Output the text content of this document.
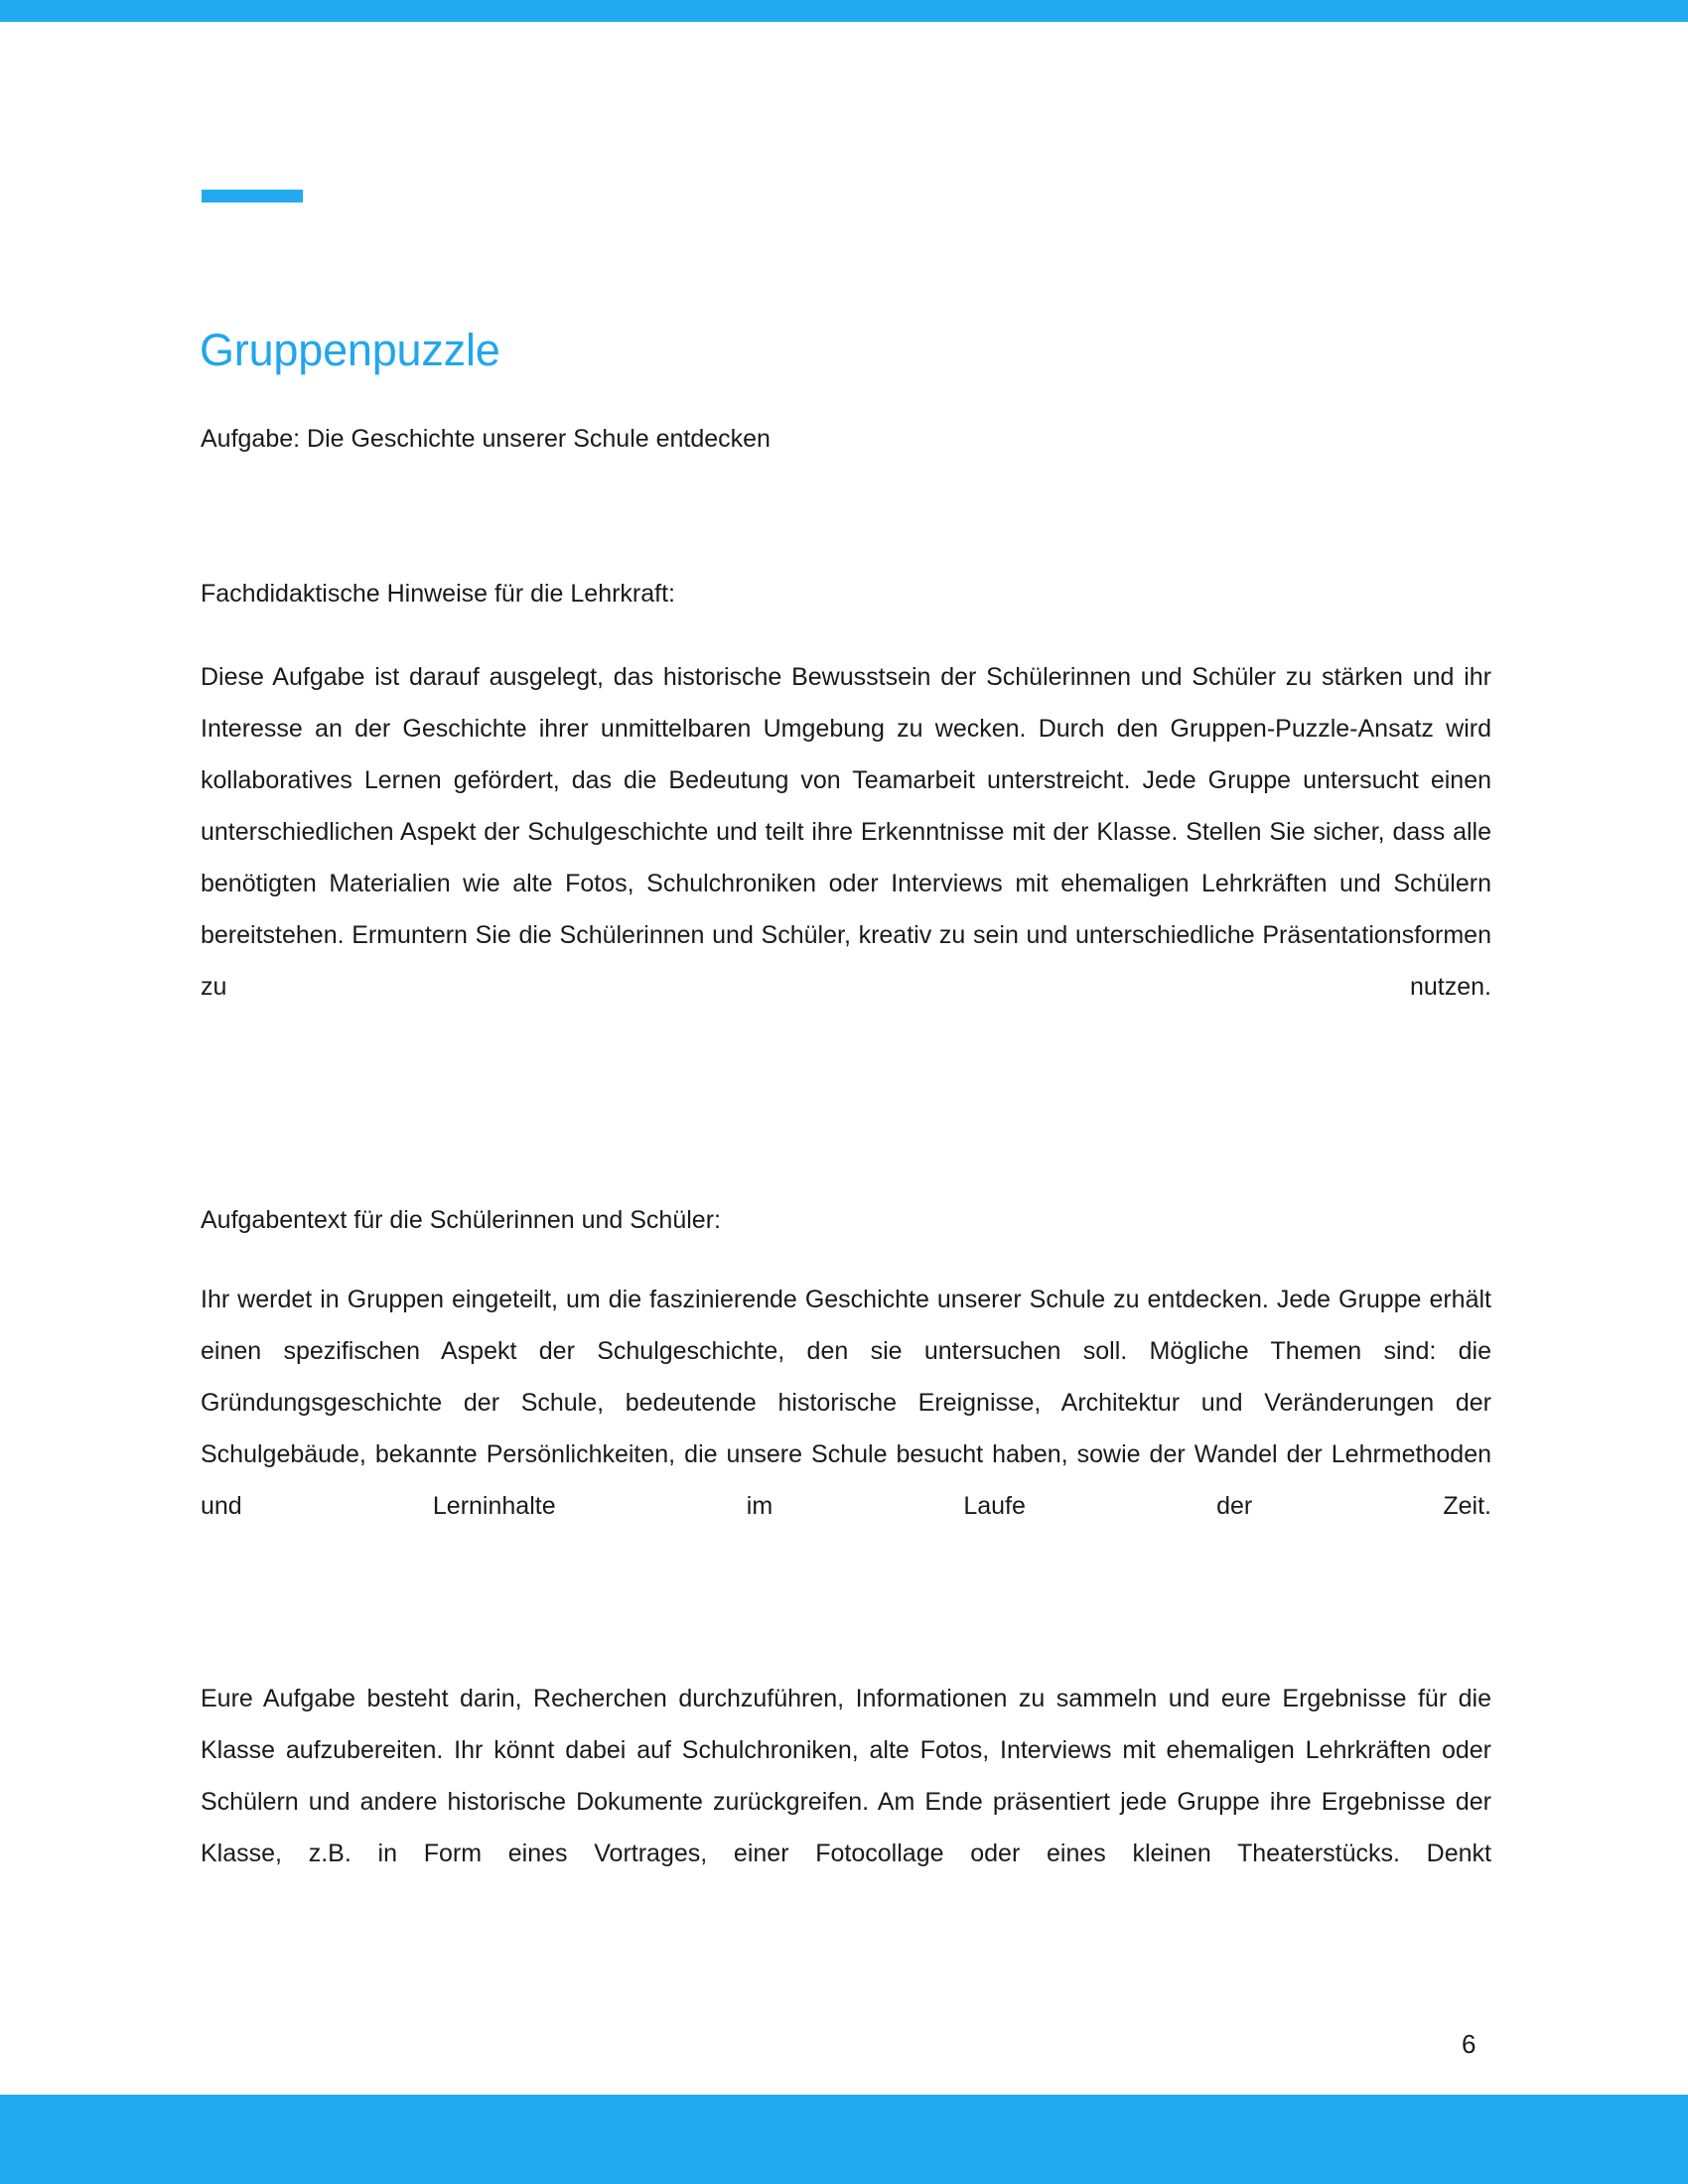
Gruppenpuzzle

Aufgabe: Die Geschichte unserer Schule entdecken

Fachdidaktische Hinweise für die Lehrkraft:

Diese Aufgabe ist darauf ausgelegt, das historische Bewusstsein der Schülerinnen und Schüler zu stärken und ihr Interesse an der Geschichte ihrer unmittelbaren Umgebung zu wecken. Durch den Gruppen-Puzzle-Ansatz wird kollaboratives Lernen gefördert, das die Bedeutung von Teamarbeit unterstreicht. Jede Gruppe untersucht einen unterschiedlichen Aspekt der Schulgeschichte und teilt ihre Erkenntnisse mit der Klasse. Stellen Sie sicher, dass alle benötigten Materialien wie alte Fotos, Schulchroniken oder Interviews mit ehemaligen Lehrkräften und Schülern bereitstehen. Ermuntern Sie die Schülerinnen und Schüler, kreativ zu sein und unterschiedliche Präsentationsformen zu nutzen.

Aufgabentext für die Schülerinnen und Schüler:

Ihr werdet in Gruppen eingeteilt, um die faszinierende Geschichte unserer Schule zu entdecken. Jede Gruppe erhält einen spezifischen Aspekt der Schulgeschichte, den sie untersuchen soll. Mögliche Themen sind: die Gründungsgeschichte der Schule, bedeutende historische Ereignisse, Architektur und Veränderungen der Schulgebäude, bekannte Persönlichkeiten, die unsere Schule besucht haben, sowie der Wandel der Lehrmethoden und Lerninhalte im Laufe der Zeit.

Eure Aufgabe besteht darin, Recherchen durchzuführen, Informationen zu sammeln und eure Ergebnisse für die Klasse aufzubereiten. Ihr könnt dabei auf Schulchroniken, alte Fotos, Interviews mit ehemaligen Lehrkräften oder Schülern und andere historische Dokumente zurückgreifen. Am Ende präsentiert jede Gruppe ihre Ergebnisse der Klasse, z.B. in Form eines Vortrages, einer Fotocollage oder eines kleinen Theaterstücks. Denkt

6
